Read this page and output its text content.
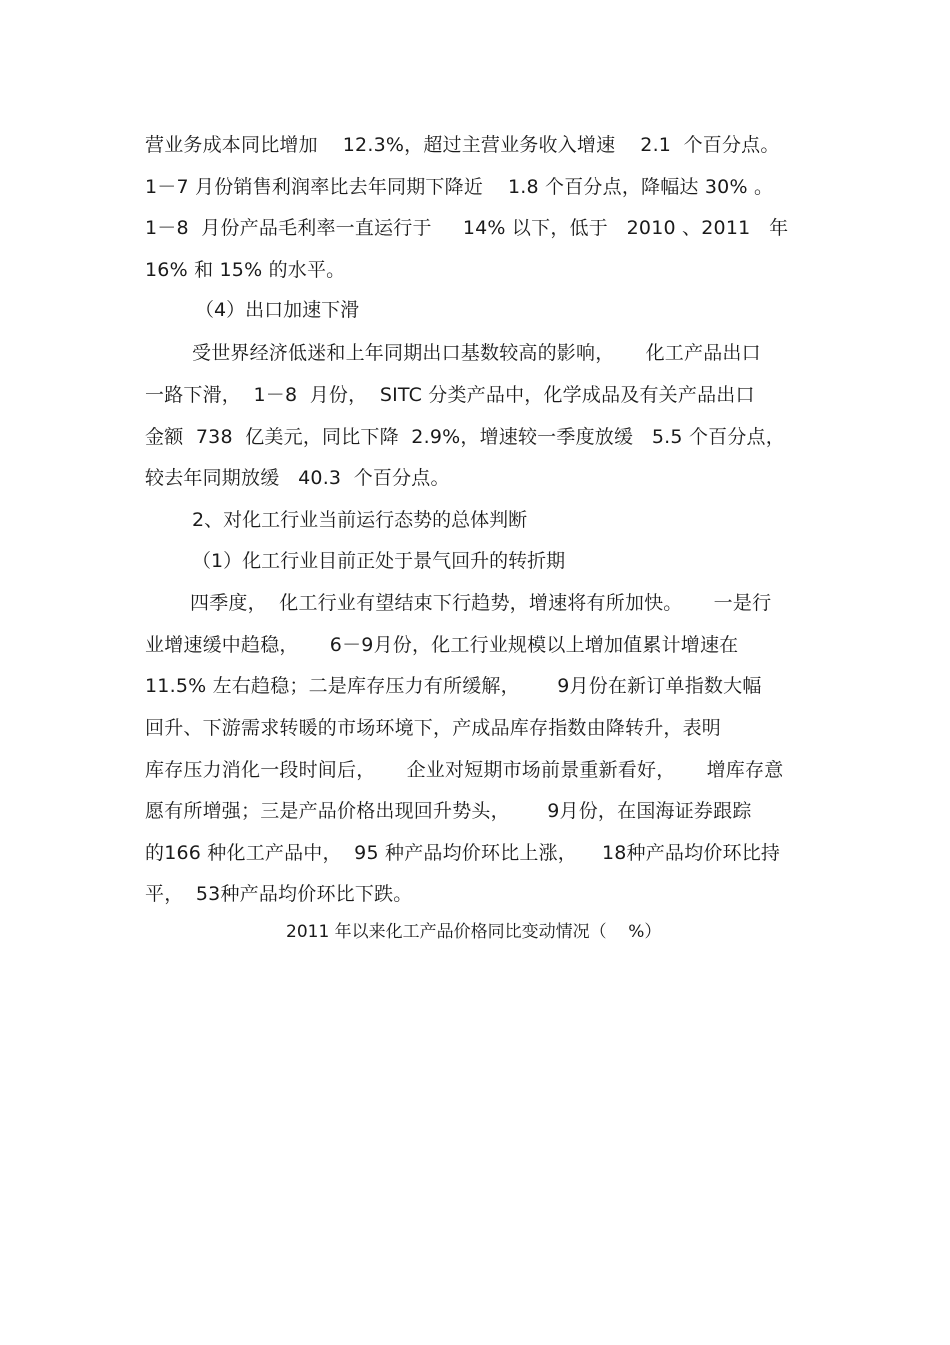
营业务成本同比增加    12.3%，超过主营业务收入增速    2.1  个百分点。
1－7 月份销售利润率比去年同期下降近    1.8 个百分点，降幅达 30% 。
1－8  月份产品毛利率一直运行于     14% 以下，低于   2010 、2011   年
16% 和 15% 的水平。
（4）出口加速下滑
受世界经济低迷和上年同期出口基数较高的影响，     化工产品出口
一路下滑，  1－8  月份，  SITC 分类产品中，化学成品及有关产品出口
金额  738  亿美元，同比下降  2.9%，增速较一季度放缓   5.5 个百分点，
较去年同期放缓   40.3  个百分点。
2、对化工行业当前运行态势的总体判断
（1）化工行业目前正处于景气回升的转折期
四季度，  化工行业有望结束下行趋势，增速将有所加快。     一是行
业增速缓中趋稳，     6－9月份，化工行业规模以上增加值累计增速在
11.5% 左右趋稳；二是库存压力有所缓解，      9月份在新订单指数大幅
回升、下游需求转暖的市场环境下，产成品库存指数由降转升，表明
库存压力消化一段时间后，     企业对短期市场前景重新看好，     增库存意
愿有所增强；三是产品价格出现回升势头，      9月份，在国海证券跟踪
的166 种化工产品中，  95 种产品均价环比上涨，    18种产品均价环比持
平，  53种产品均价环比下跌。
2011 年以来化工产品价格同比变动情况（    %）
